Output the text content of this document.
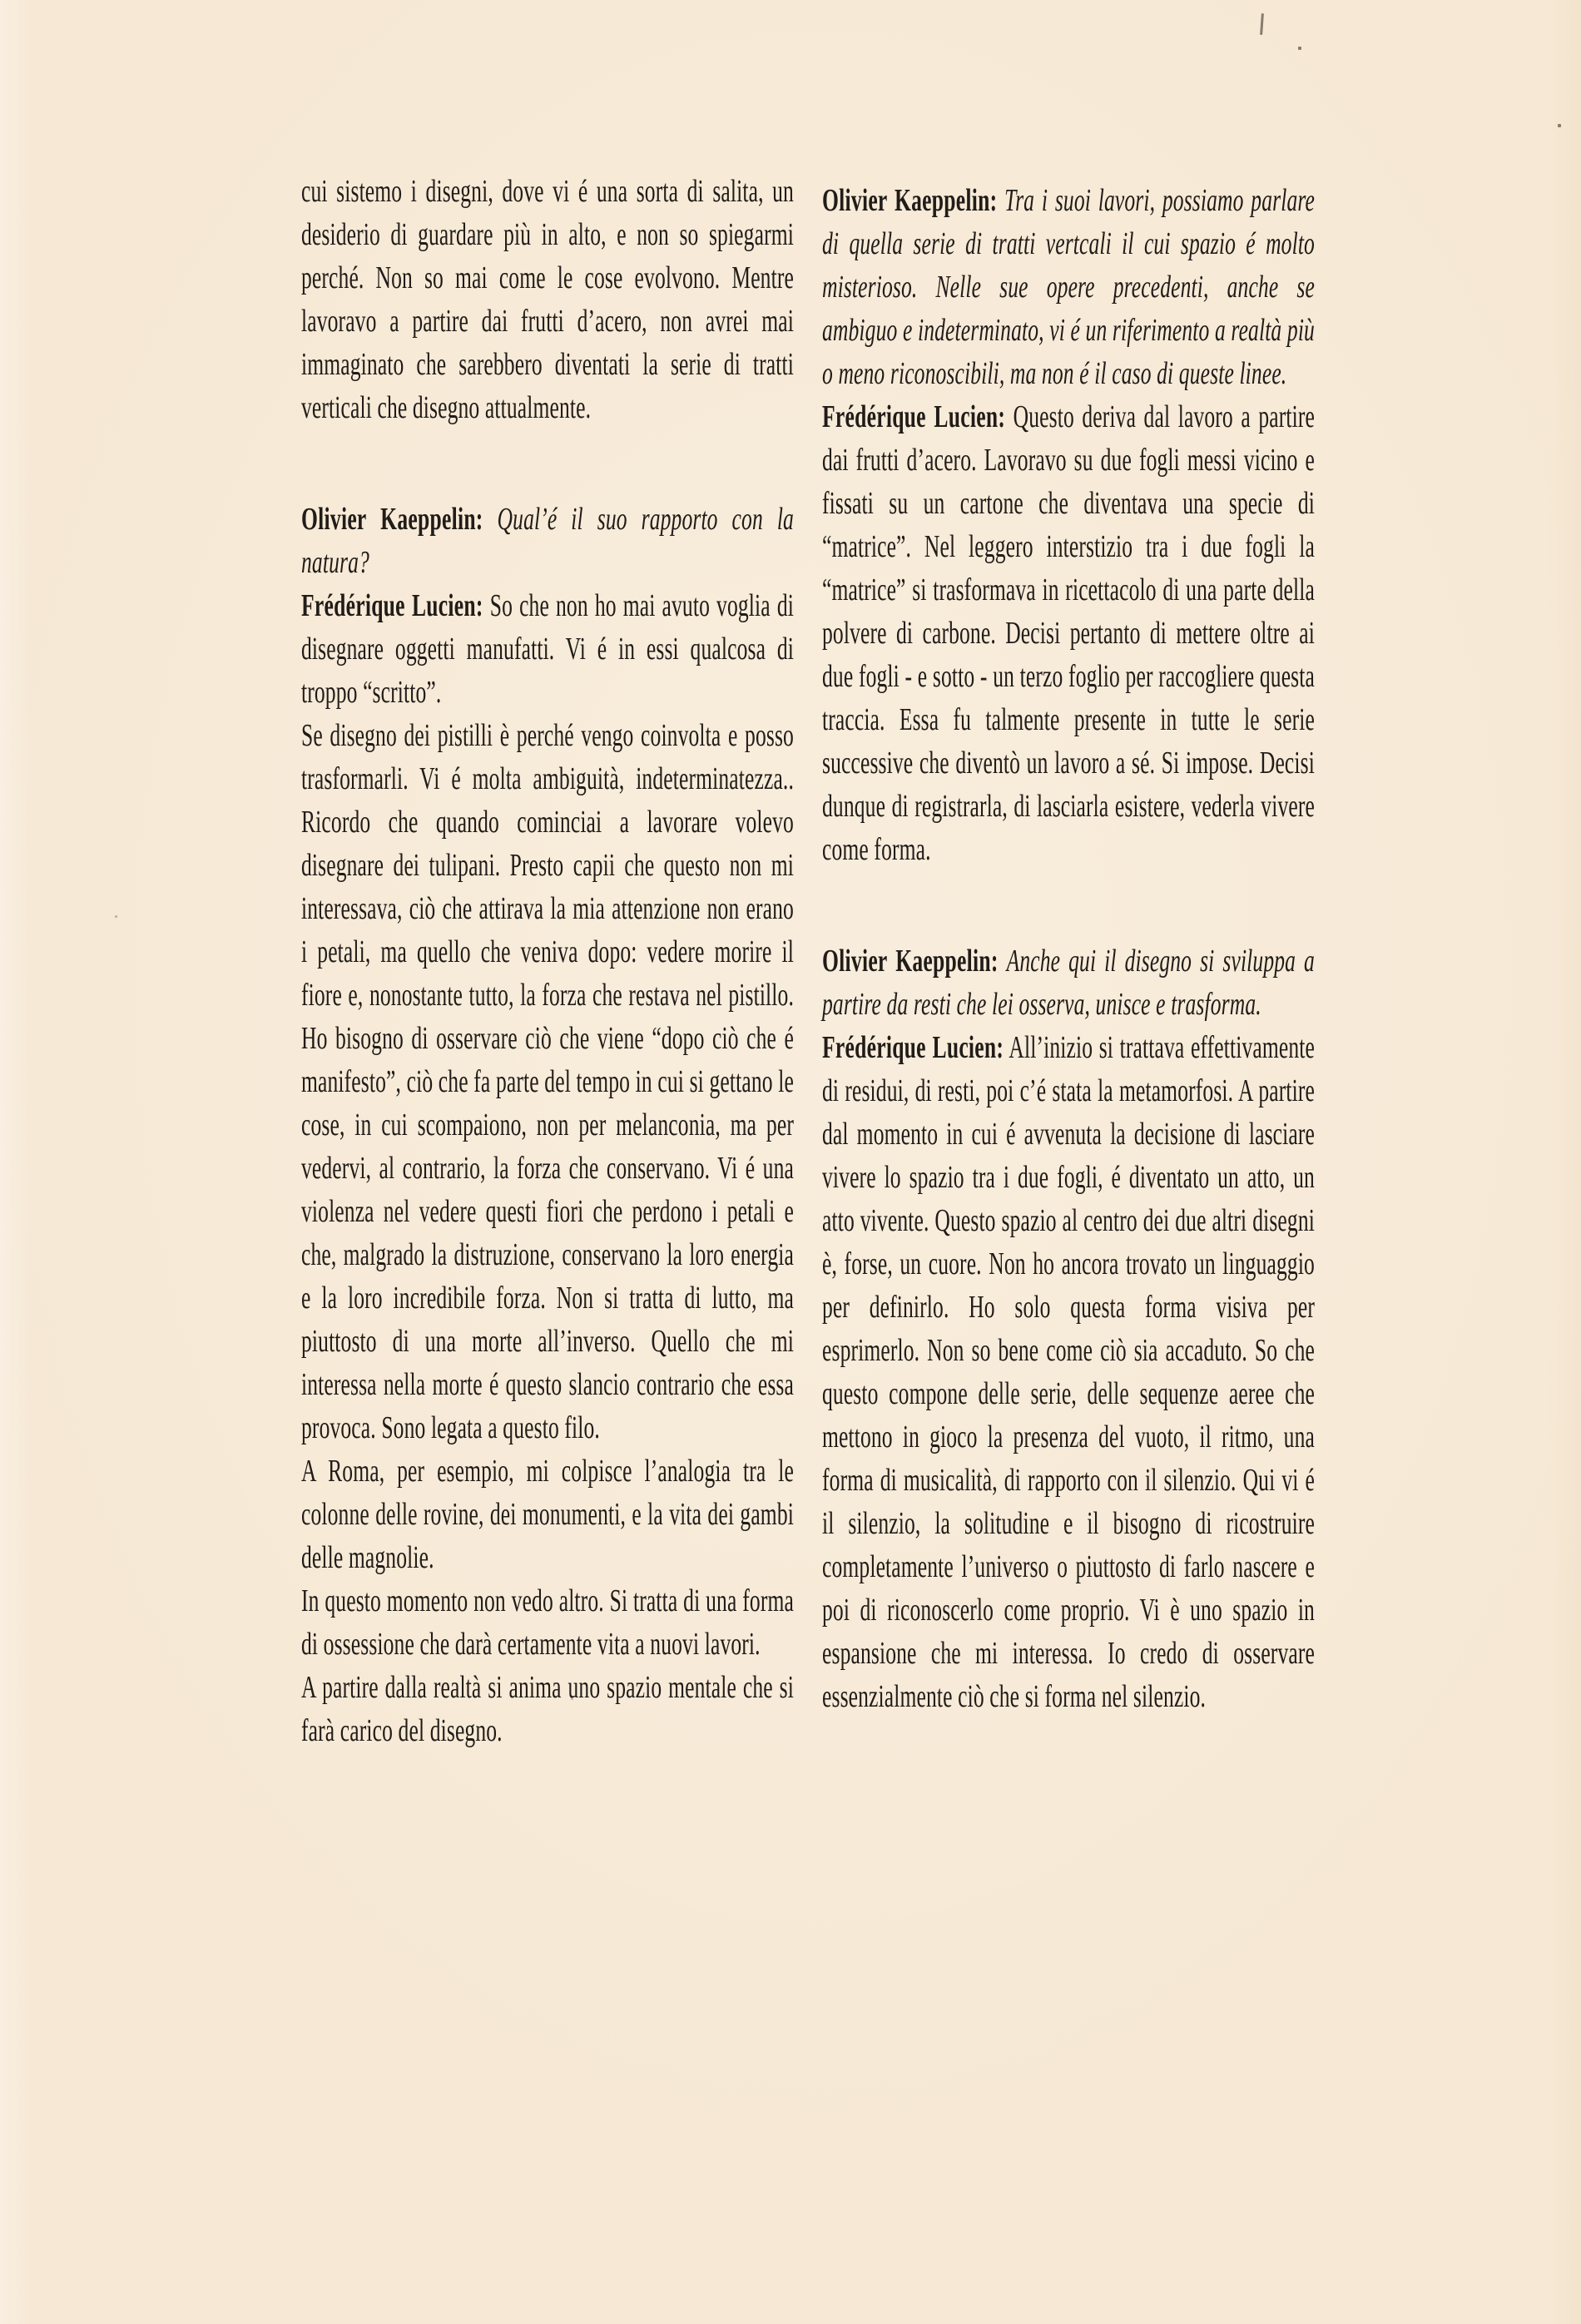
cui sistemo i disegni, dove vi é una sorta di salita, un desiderio di guardare più in alto, e non so spiegarmi perché. Non so mai come le cose evolvono. Mentre lavoravo a partire dai frutti d’acero, non avrei mai immaginato che sarebbero diventati la serie di tratti verticali che disegno attualmente.

Olivier Kaeppelin: Qual’é il suo rapporto con la natura?

Frédérique Lucien: So che non ho mai avuto voglia di disegnare oggetti manufatti. Vi é in essi qualcosa di troppo “scritto”.

Se disegno dei pistilli è perché vengo coinvolta e posso trasformarli. Vi é molta ambiguità, indeterminatezza.. Ricordo che quando cominciai a lavorare volevo disegnare dei tulipani. Presto capii che questo non mi interessava, ciò che attirava la mia attenzione non erano i petali, ma quello che veniva dopo: vedere morire il fiore e, nonostante tutto, la forza che restava nel pistillo. Ho bisogno di osservare ciò che viene “dopo ciò che é manifesto”, ciò che fa parte del tempo in cui si gettano le cose, in cui scompaiono, non per melanconia, ma per vedervi, al contrario, la forza che conservano. Vi é una violenza nel vedere questi fiori che perdono i petali e che, malgrado la distruzione, conservano la loro energia e la loro incredibile forza. Non si tratta di lutto, ma piuttosto di una morte all’inverso. Quello che mi interessa nella morte é questo slancio contrario che essa provoca. Sono legata a questo filo.

A Roma, per esempio, mi colpisce l’analogia tra le colonne delle rovine, dei monumenti, e la vita dei gambi delle magnolie.

In questo momento non vedo altro. Si tratta di una forma di ossessione che darà certamente vita a nuovi lavori.

A partire dalla realtà si anima uno spazio mentale che si farà carico del disegno.

Olivier Kaeppelin: Tra i suoi lavori, possiamo parlare di quella serie di tratti vertcali il cui spazio é molto misterioso. Nelle sue opere precedenti, anche se ambiguo e indeterminato, vi é un riferimento a realtà più o meno riconoscibili, ma non é il caso di queste linee.

Frédérique Lucien: Questo deriva dal lavoro a partire dai frutti d’acero. Lavoravo su due fogli messi vicino e fissati su un cartone che diventava una specie di “matrice”. Nel leggero interstizio tra i due fogli la “matrice” si trasformava in ricettacolo di una parte della polvere di carbone. Decisi pertanto di mettere oltre ai due fogli - e sotto - un terzo foglio per raccogliere questa traccia. Essa fu talmente presente in tutte le serie successive che diventò un lavoro a sé. Si impose. Decisi dunque di registrarla, di lasciarla esistere, vederla vivere come forma.

Olivier Kaeppelin: Anche qui il disegno si sviluppa a partire da resti che lei osserva, unisce e trasforma.

Frédérique Lucien: All’inizio si trattava effettivamente di residui, di resti, poi c’é stata la metamorfosi. A partire dal momento in cui é avvenuta la decisione di lasciare vivere lo spazio tra i due fogli, é diventato un atto, un atto vivente. Questo spazio al centro dei due altri disegni è, forse, un cuore. Non ho ancora trovato un linguaggio per definirlo. Ho solo questa forma visiva per esprimerlo. Non so bene come ciò sia accaduto. So che questo compone delle serie, delle sequenze aeree che mettono in gioco la presenza del vuoto, il ritmo, una forma di musicalità, di rapporto con il silenzio. Qui vi é il silenzio, la solitudine e il bisogno di ricostruire completamente l’universo o piuttosto di farlo nascere e poi di riconoscerlo come proprio. Vi è uno spazio in espansione che mi interessa. Io credo di osservare essenzialmente ciò che si forma nel silenzio.
